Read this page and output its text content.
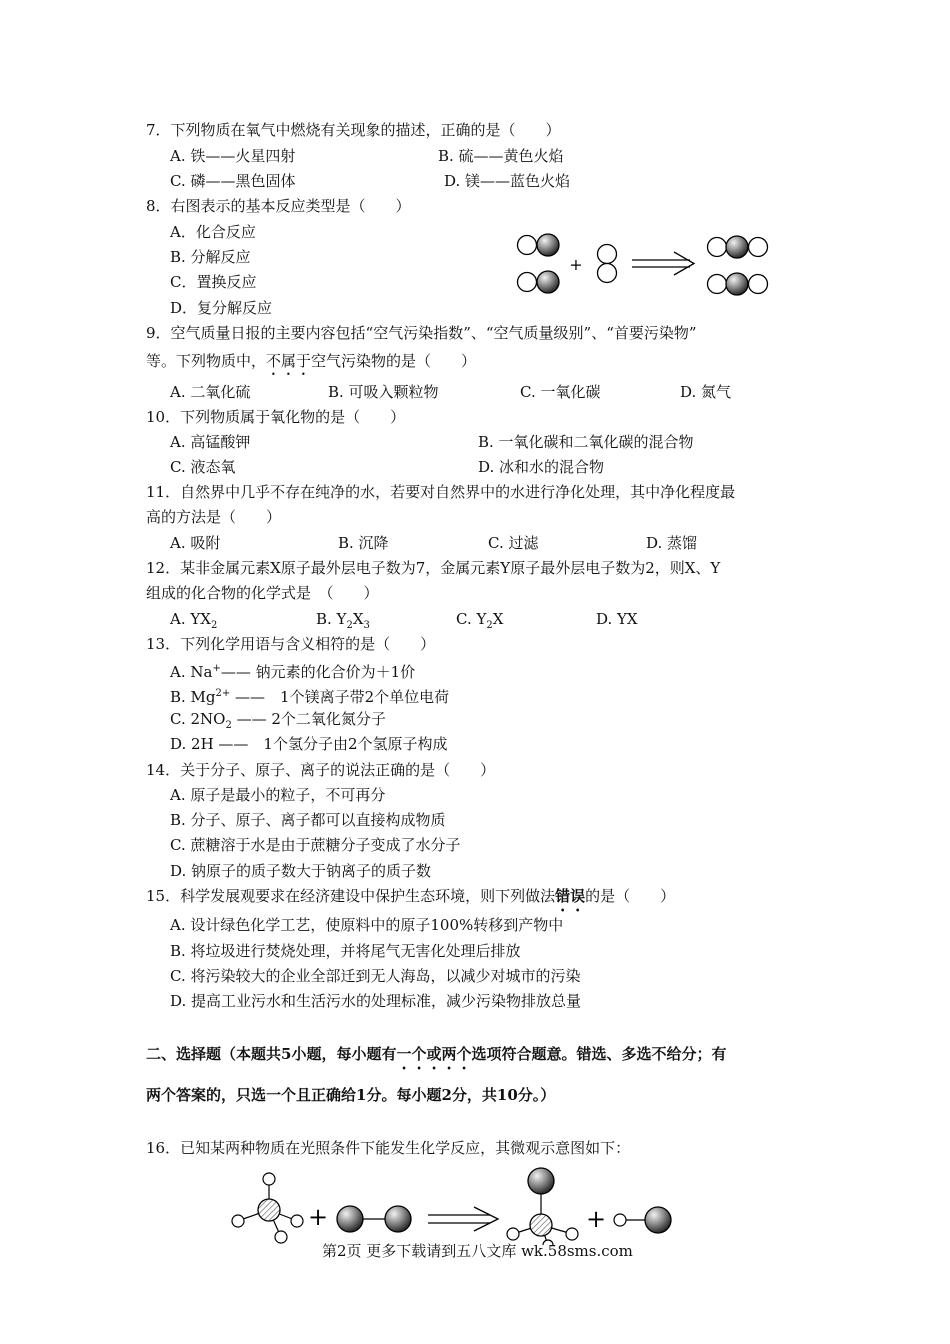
7．下列物质在氧气中燃烧有关现象的描述，正确的是（　　）
A. 铁——火星四射	B. 硫——黄色火焰
C. 磷——黑色固体	D. 镁——蓝色火焰
8．右图表示的基本反应类型是（　　）
A．化合反应
B. 分解反应
C．置换反应
D．复分解反应
+
9．空气质量日报的主要内容包括“空气污染指数”、“空气质量级别”、“首要污染物”
等。下列物质中，不属于空气污染物的是（　　）
A. 二氧化硫	B. 可吸入颗粒物	C. 一氧化碳	D. 氮气
10．下列物质属于氧化物的是（　　）
A. 高锰酸钾	B. 一氧化碳和二氧化碳的混合物
C. 液态氧	D. 冰和水的混合物
11．自然界中几乎不存在纯净的水，若要对自然界中的水进行净化处理，其中净化程度最
高的方法是（　　）
A. 吸附	B. 沉降	C. 过滤	D. 蒸馏
12．某非金属元素X原子最外层电子数为7，金属元素Y原子最外层电子数为2，则X、Y
组成的化合物的化学式是　（　　）
A. $YX_2$	B. $Y_2X_3$	C. $Y_2X$	D. YX
13．下列化学用语与含义相符的是（　　）
A. Na+—— 钠元素的化合价为＋1价
B. $Mg^{2+}$ ——　1个镁离子带2个单位电荷
C. $2NO_2$ —— 2个二氧化氮分子
D. 2H ——　1个氢分子由2个氢原子构成
14．关于分子、原子、离子的说法正确的是（　　）
A. 原子是最小的粒子，不可再分
B. 分子、原子、离子都可以直接构成物质
C. 蔗糖溶于水是由于蔗糖分子变成了水分子
D. 钠原子的质子数大于钠离子的质子数
15．科学发展观要求在经济建设中保护生态环境，则下列做法错误的是（　　）
A. 设计绿色化学工艺，使原料中的原子100%转移到产物中
B. 将垃圾进行焚烧处理，并将尾气无害化处理后排放
C. 将污染较大的企业全部迁到无人海岛，以减少对城市的污染
D. 提高工业污水和生活污水的处理标准，减少污染物排放总量
二、选择题（本题共5小题，每小题有一个或两个选项符合题意。错选、多选不给分；有
两个答案的，只选一个且正确给1分。每小题2分，共10分。）
16．已知某两种物质在光照条件下能发生化学反应，其微观示意图如下：
+	+
第2页 更多下载请到五八文库 wk.58sms.com
